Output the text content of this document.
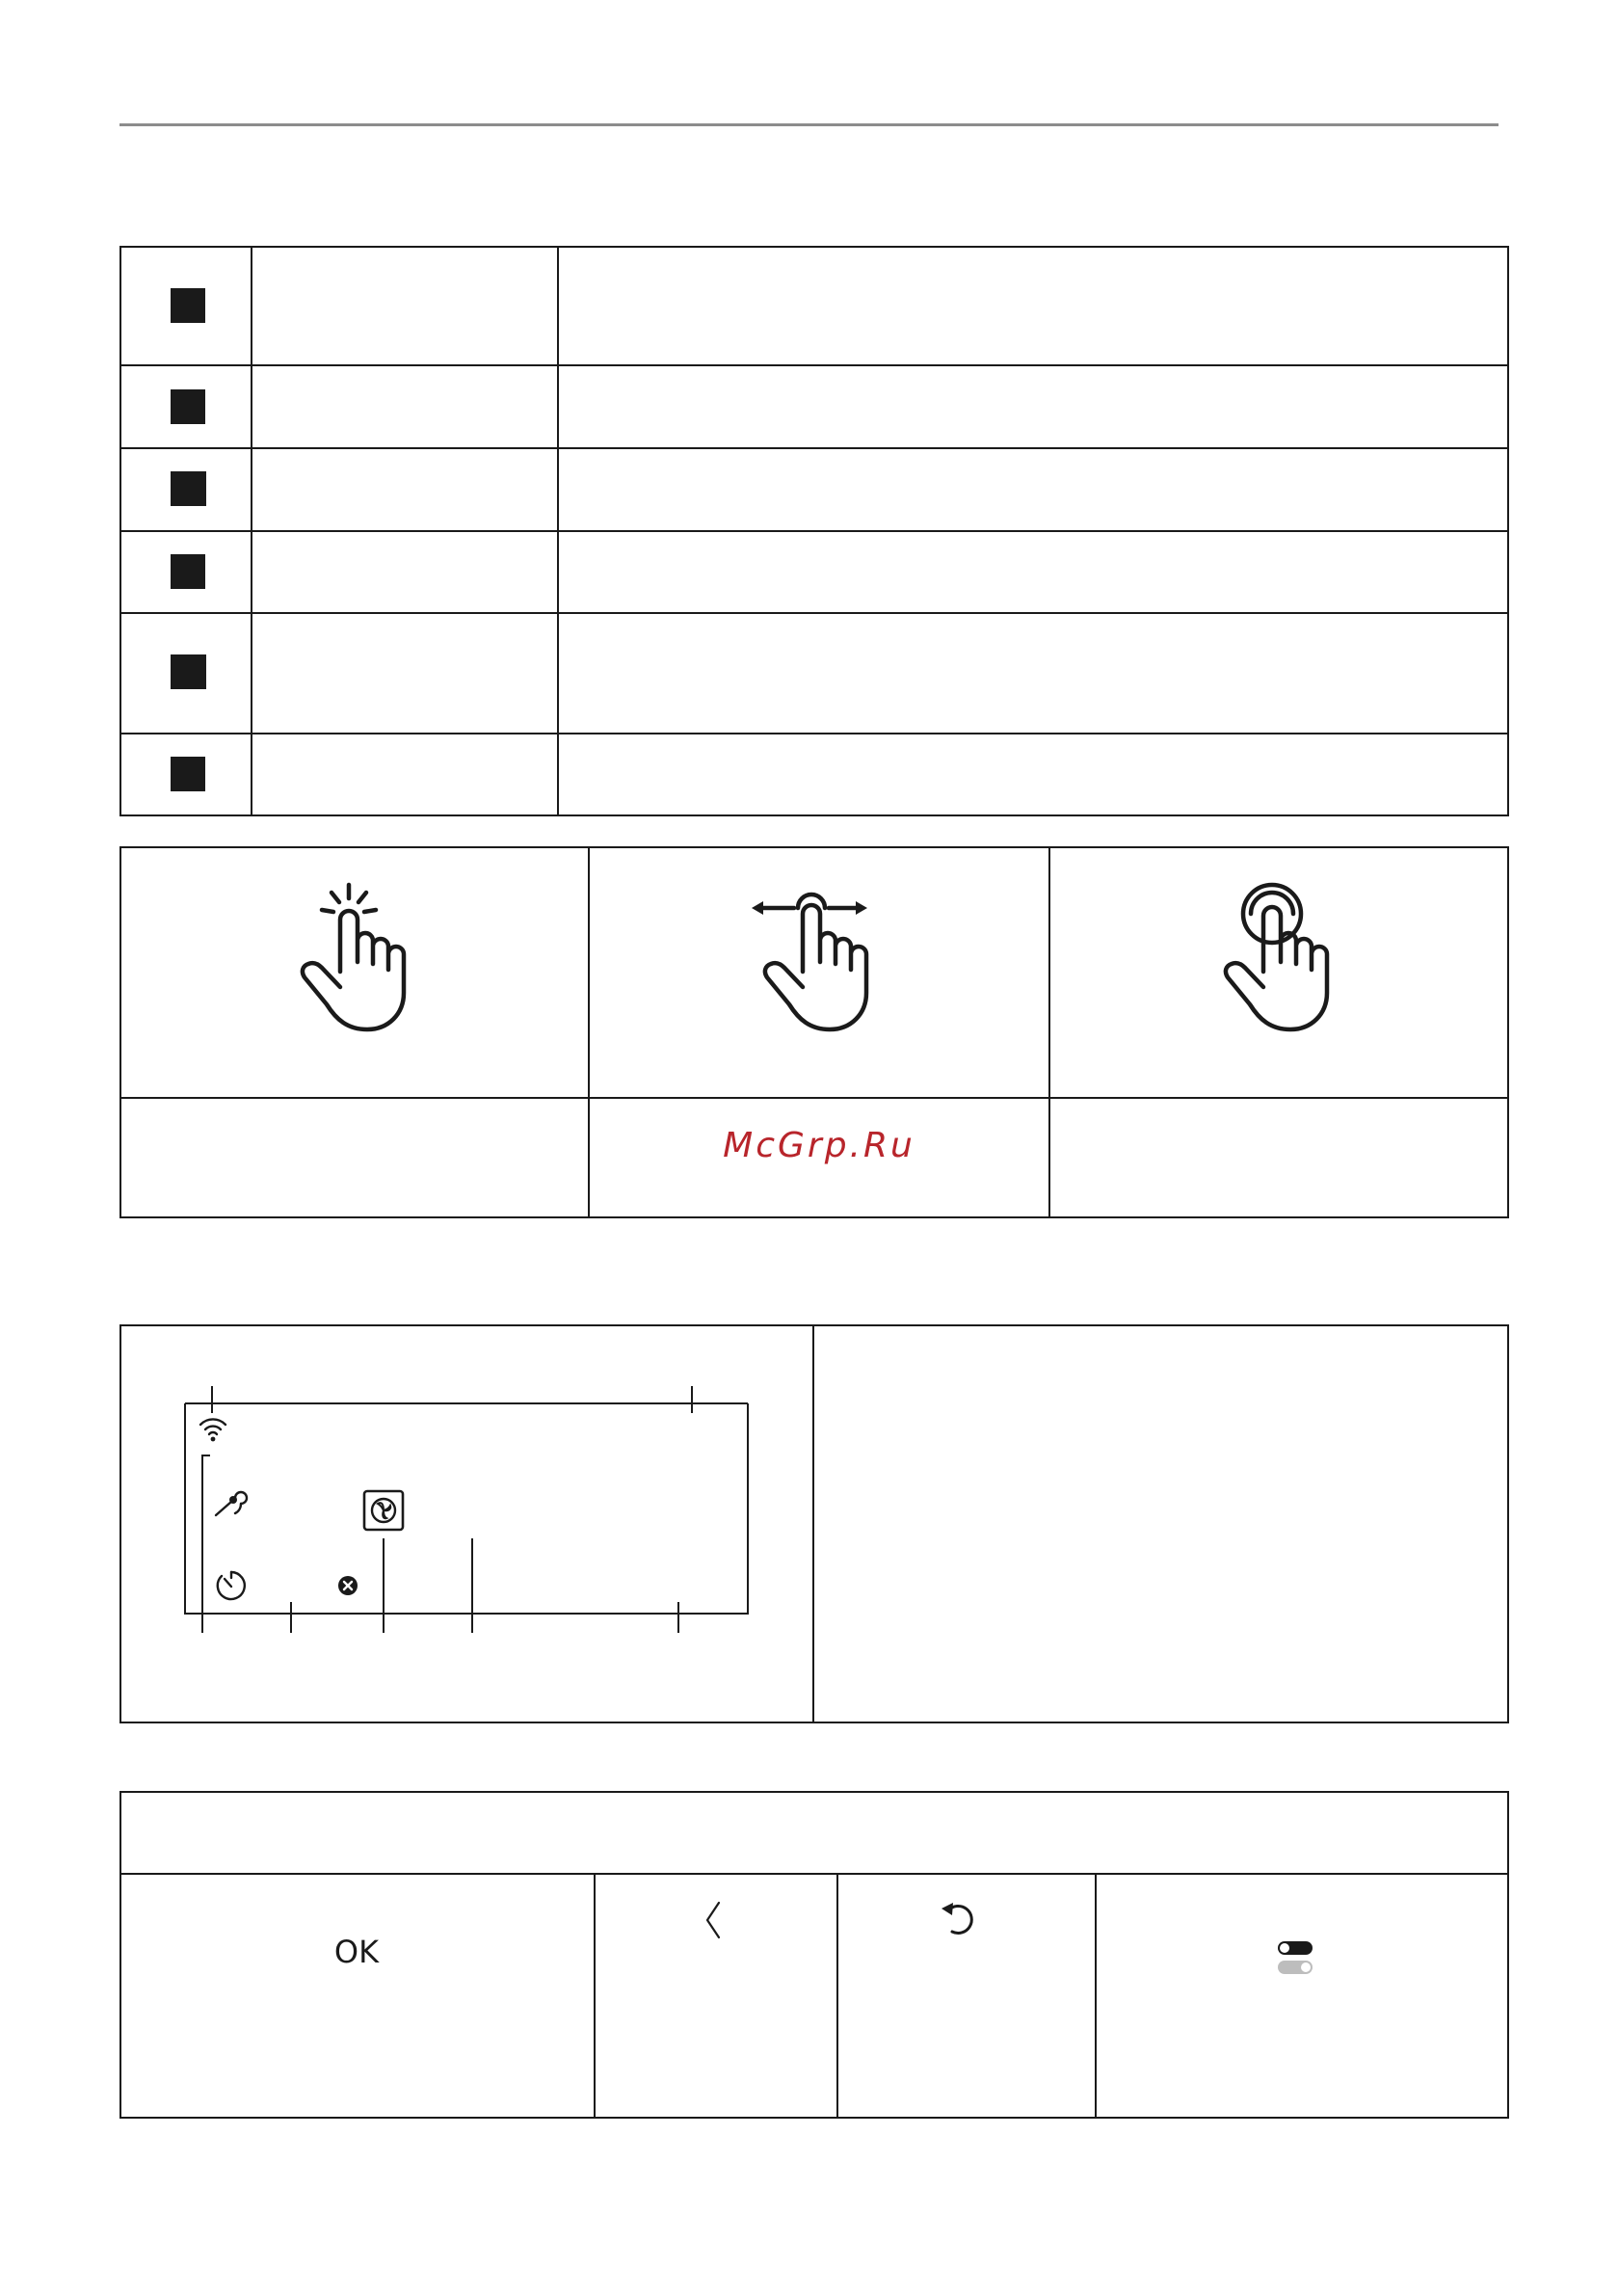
McGrp.Ru
OK
